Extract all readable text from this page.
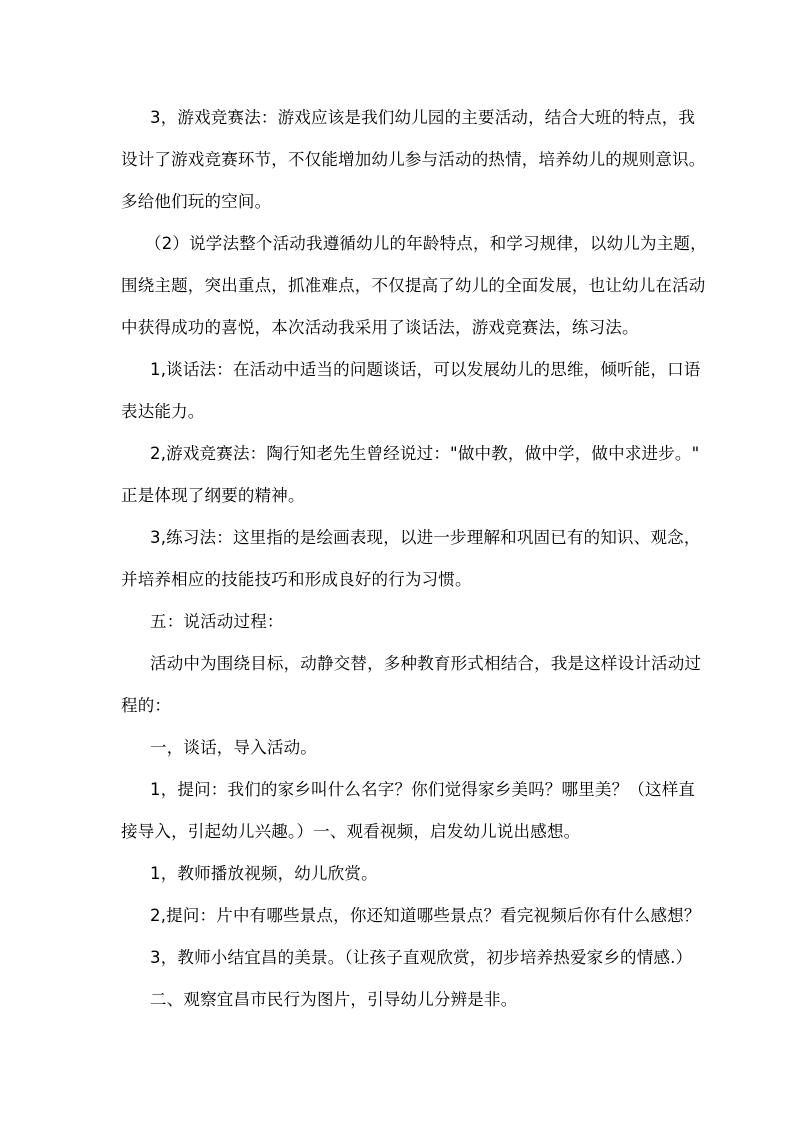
3，游戏竞赛法：游戏应该是我们幼儿园的主要活动，结合大班的特点，我
设计了游戏竞赛环节，不仅能增加幼儿参与活动的热情，培养幼儿的规则意识。
多给他们玩的空间。
（2）说学法整个活动我遵循幼儿的年龄特点，和学习规律，以幼儿为主题，
围绕主题，突出重点，抓准难点，不仅提高了幼儿的全面发展，也让幼儿在活动
中获得成功的喜悦，本次活动我采用了谈话法，游戏竞赛法，练习法。
1,谈话法：在活动中适当的问题谈话，可以发展幼儿的思维，倾听能，口语
表达能力。
2,游戏竞赛法：陶行知老先生曾经说过："做中教，做中学，做中求进步。"
正是体现了纲要的精神。
3,练习法：这里指的是绘画表现，以进一步理解和巩固已有的知识、观念，
并培养相应的技能技巧和形成良好的行为习惯。
五：说活动过程：
活动中为围绕目标，动静交替，多种教育形式相结合，我是这样设计活动过
程的：
一，谈话，导入活动。
1，提问：我们的家乡叫什么名字？你们觉得家乡美吗？哪里美？（这样直
接导入，引起幼儿兴趣。）一、观看视频，启发幼儿说出感想。
1，教师播放视频，幼儿欣赏。
2,提问：片中有哪些景点，你还知道哪些景点？看完视频后你有什么感想？
3，教师小结宜昌的美景。（让孩子直观欣赏，初步培养热爱家乡的情感.）
二、观察宜昌市民行为图片，引导幼儿分辨是非。
